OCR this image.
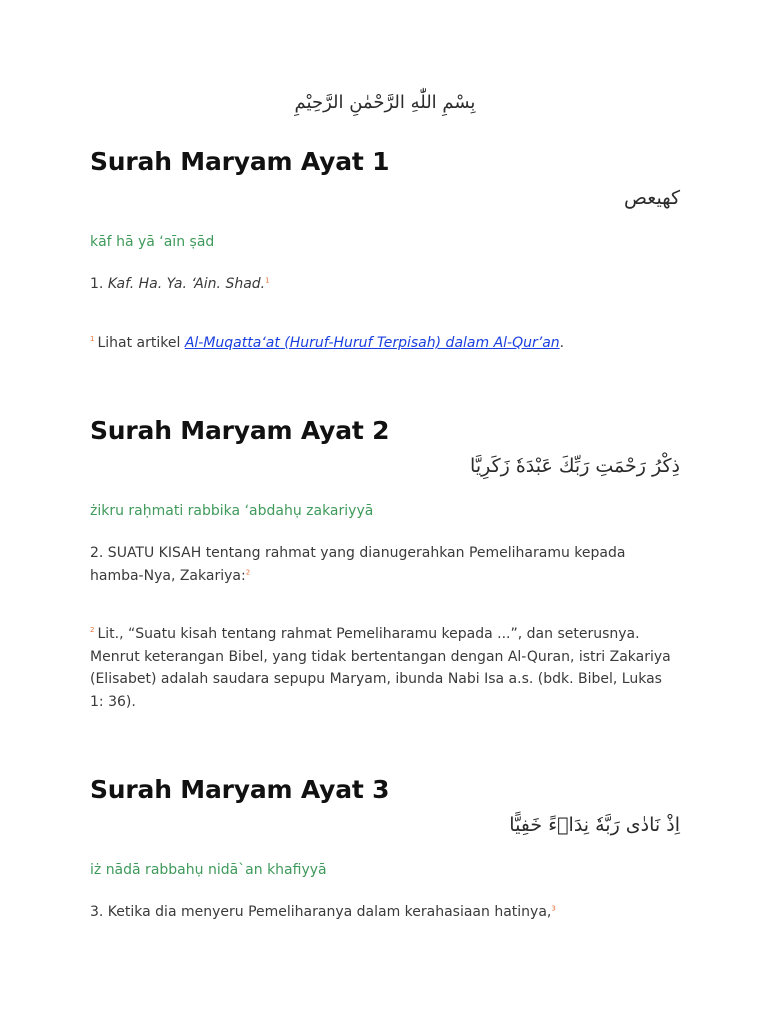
بِسْمِ اللّٰهِ الرَّحْمٰنِ الرَّحِيْمِ
Surah Maryam Ayat 1
كهيعص
kāf hā yā ‘aīn ṣād
1. Kaf. Ha. Ya. ‘Ain. Shad.$^1$
$^1$ Lihat artikel Al-Muqatta‘at (Huruf-Huruf Terpisah) dalam Al-Qur’an.
Surah Maryam Ayat 2
ذِكْرُ رَحْمَتِ رَبِّكَ عَبْدَهٗ زَكَرِيَّا
żikru raḥmati rabbika ‘abdahụ zakariyyā
2. SUATU KISAH tentang rahmat yang dianugerahkan Pemeliharamu kepada hamba-Nya, Zakariya:$^2$
$^2$ Lit., “Suatu kisah tentang rahmat Pemeliharamu kepada ...”, dan seterusnya. Menrut keterangan Bibel, yang tidak bertentangan dengan Al-Quran, istri Zakariya (Elisabet) adalah saudara sepupu Maryam, ibunda Nabi Isa a.s. (bdk. Bibel, Lukas 1: 36).
Surah Maryam Ayat 3
اِذْ نَادٰى رَبَّهٗ نِدَاۤءً خَفِيًّا
iż nādā rabbahụ nidā`an khafiyyā
3. Ketika dia menyeru Pemeliharanya dalam kerahasiaan hatinya,$^3$
